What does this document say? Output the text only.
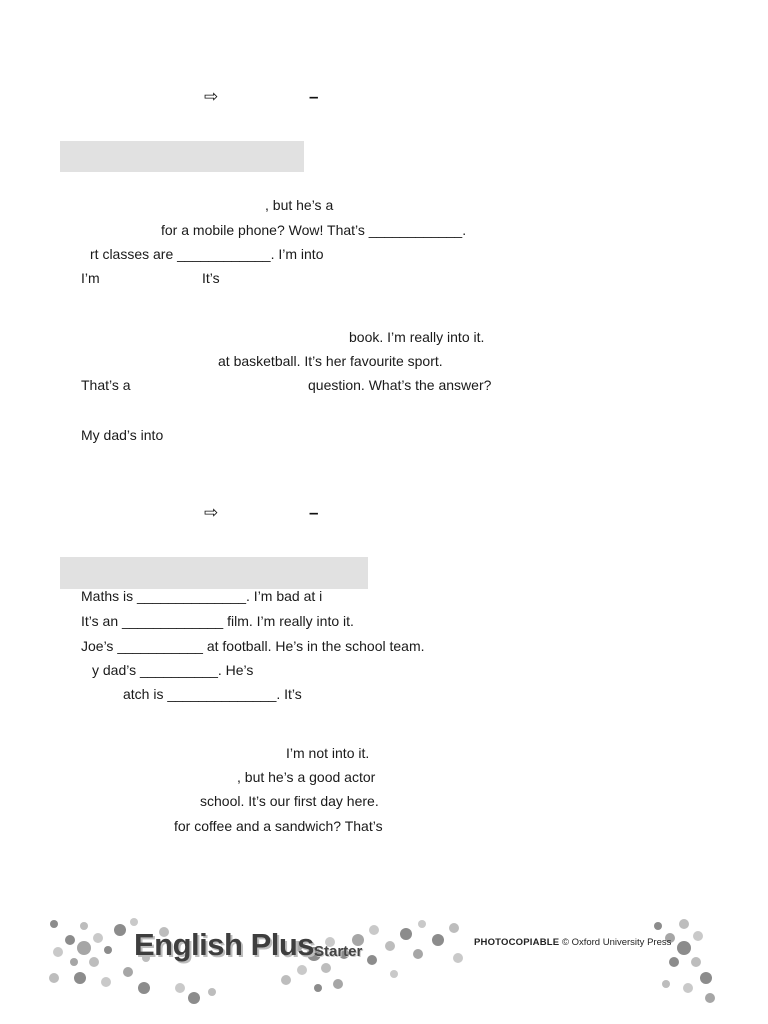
⇨	–
, but he’s a
for a mobile phone? Wow! That’s ____________.
rt classes are ____________. I’m into
I’m	It’s
book. I’m really into it.
at basketball. It’s her favourite sport.
That’s a	question. What’s the answer?
My dad’s into
⇨	–
Maths is ______________. I’m bad at i
It’s an _____________ film. I’m really into it.
Joe’s ___________ at football. He’s in the school team.
y dad’s __________. He’s
atch is ______________. It’s
I’m not into it.
, but he’s a good actor
school. It’s our first day here.
for coffee and a sandwich? That’s
English Plus Starter
PHOTOCOPIABLE © Oxford University Press
